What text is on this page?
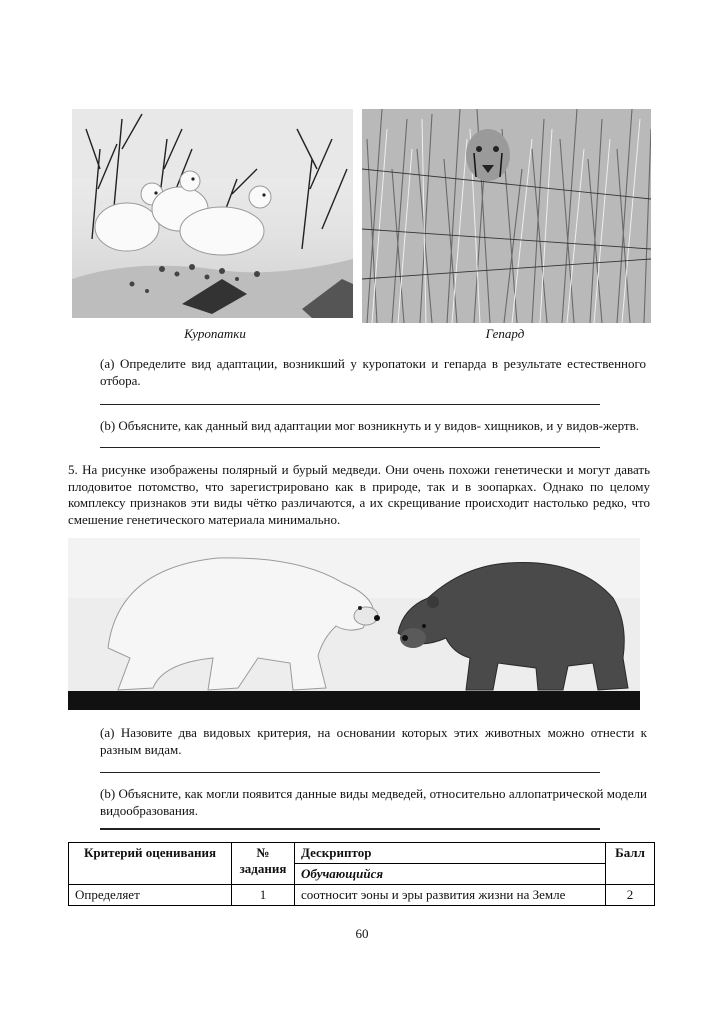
Куропатки	Гепард
(a) Определите вид адаптации, возникший у куропатоки и гепарда в результате естественного отбора.
(b) Объясните, как данный вид адаптации мог возникнуть и у видов- хищников, и у видов-жертв.
5. На рисунке изображены полярный и бурый медведи. Они очень похожи генетически и могут давать плодовитое потомство, что зарегистрировано как в природе, так и в зоопарках. Однако по целому комплексу признаков эти виды чётко различаются, а их скрещивание происходит настолько редко, что смешение генетического материала минимально.
(a) Назовите два видовых критерия, на основании которых этих животных можно отнести к разным видам.
(b) Объясните, как могли появится данные виды медведей, относительно аллопатрической модели видообразования.
Критерий оценивания	№ задания	Дескриптор	Балл
		Обучающийся	
Определяет	1	соотносит эоны и эры развития жизни на Земле	2
60
